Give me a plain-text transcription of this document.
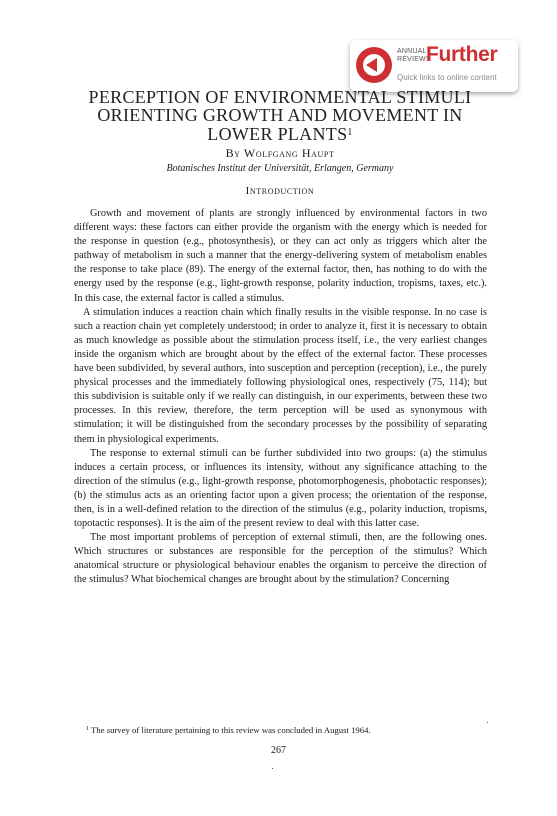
ANNUAL
REVIEWS
Further
Quick links to online content
PERCEPTION OF ENVIRONMENTAL STIMULI
ORIENTING GROWTH AND MOVEMENT IN
LOWER PLANTS$^1$
By Wolfgang Haupt
Botanisches Institut der Universität, Erlangen, Germany
Introduction

Growth and movement of plants are strongly influenced by environmental factors in two different ways: these factors can either provide the organism with the energy which is needed for the response in question (e.g., photosynthesis), or they can act only as triggers which alter the pathway of metabolism in such a manner that the energy-delivering system of metabolism enables the response to take place (89). The energy of the external factor, then, has nothing to do with the energy used by the response (e.g., light-growth response, polarity induction, tropisms, taxes, etc.). In this case, the external factor is called a stimulus.

A stimulation induces a reaction chain which finally results in the visible response. In no case is such a reaction chain yet completely understood; in order to analyze it, first it is necessary to obtain as much knowledge as possible about the stimulation process itself, i.e., the very earliest changes inside the organism which are brought about by the effect of the external factor. These processes have been subdivided, by several authors, into susception and perception (reception), i.e., the purely physical processes and the immediately following physiological ones, respectively (75, 114); but this subdivision is suitable only if we really can distinguish, in our experiments, between these two processes. In this review, therefore, the term perception will be used as synonymous with stimulation; it will be distinguished from the secondary processes by the possibility of separating them in physiological experiments.

The response to external stimuli can be further subdivided into two groups: (a) the stimulus induces a certain process, or influences its intensity, without any significance attaching to the direction of the stimulus (e.g., light-growth response, photomorphogenesis, phobotactic responses); (b) the stimulus acts as an orienting factor upon a given process; the orientation of the response, then, is in a well-defined relation to the direction of the stimulus (e.g., polarity induction, tropisms, topotactic responses). It is the aim of the present review to deal with this latter case.

The most important problems of perception of external stimuli, then, are the following ones. Which structures or substances are responsible for the perception of the stimulus? Which anatomical structure or physiological behaviour enables the organism to perceive the direction of the stimulus? What biochemical changes are brought about by the stimulation? Concerning

$^1$ The survey of literature pertaining to this review was concluded in August 1964.
267
